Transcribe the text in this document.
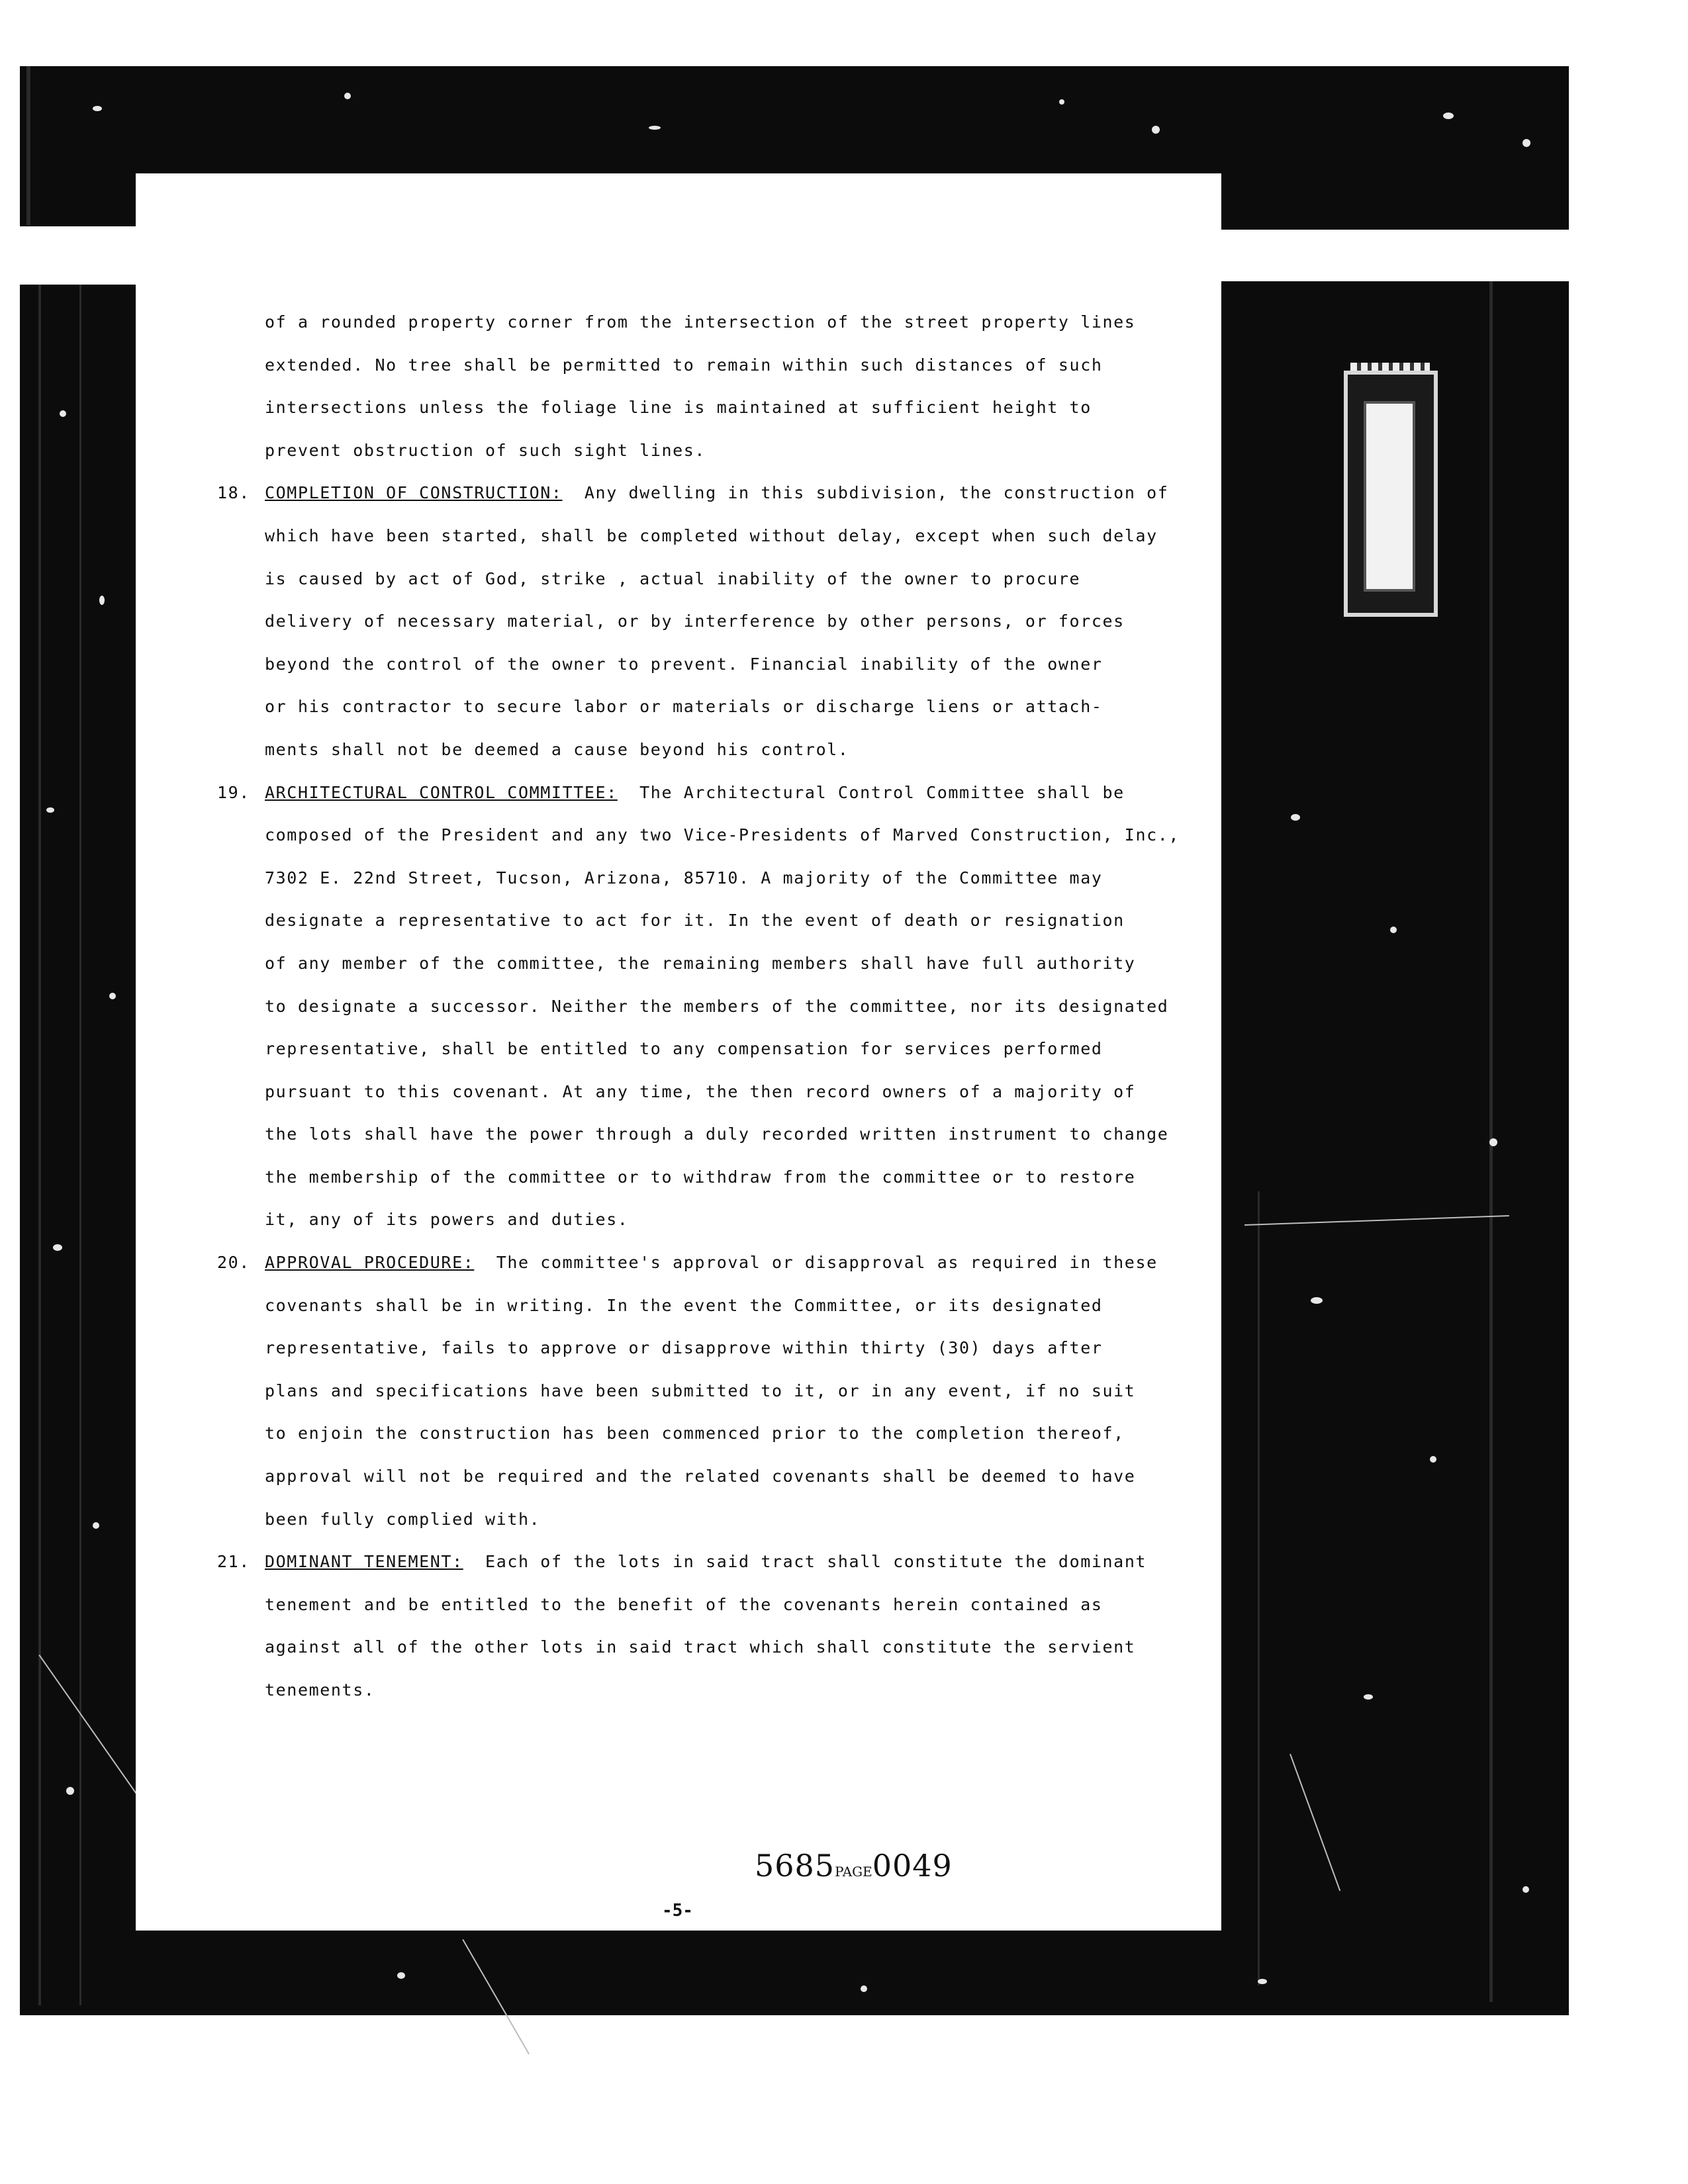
of a rounded property corner from the intersection of the street property lines
extended. No tree shall be permitted to remain within such distances of such
intersections unless the foliage line is maintained at sufficient height to
prevent obstruction of such sight lines.
18. COMPLETION OF CONSTRUCTION: Any dwelling in this subdivision, the construction of
which have been started, shall be completed without delay, except when such delay
is caused by act of God, strike , actual inability of the owner to procure
delivery of necessary material, or by interference by other persons, or forces
beyond the control of the owner to prevent. Financial inability of the owner
or his contractor to secure labor or materials or discharge liens or attach-
ments shall not be deemed a cause beyond his control.
19. ARCHITECTURAL CONTROL COMMITTEE: The Architectural Control Committee shall be
composed of the President and any two Vice-Presidents of Marved Construction, Inc.,
7302 E. 22nd Street, Tucson, Arizona, 85710. A majority of the Committee may
designate a representative to act for it. In the event of death or resignation
of any member of the committee, the remaining members shall have full authority
to designate a successor. Neither the members of the committee, nor its designated
representative, shall be entitled to any compensation for services performed
pursuant to this covenant. At any time, the then record owners of a majority of
the lots shall have the power through a duly recorded written instrument to change
the membership of the committee or to withdraw from the committee or to restore
it, any of its powers and duties.
20. APPROVAL PROCEDURE: The committee's approval or disapproval as required in these
covenants shall be in writing. In the event the Committee, or its designated
representative, fails to approve or disapprove within thirty (30) days after
plans and specifications have been submitted to it, or in any event, if no suit
to enjoin the construction has been commenced prior to the completion thereof,
approval will not be required and the related covenants shall be deemed to have
been fully complied with.
21. DOMINANT TENEMENT: Each of the lots in said tract shall constitute the dominant
tenement and be entitled to the benefit of the covenants herein contained as
against all of the other lots in said tract which shall constitute the servient
tenements.
5685PAGE0049
-5-
